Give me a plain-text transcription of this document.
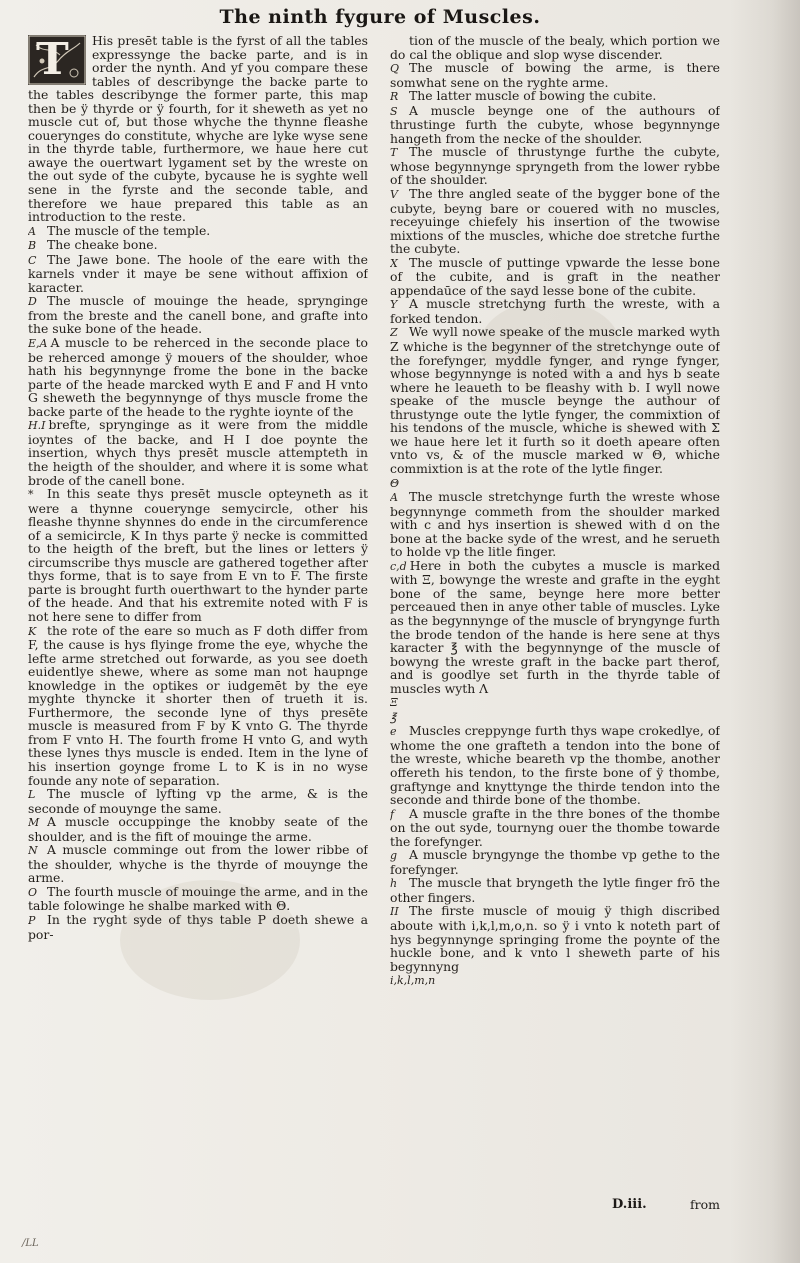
The ninth fygure of Muscles.
T	His presēt table is the fyrst of all the tables expressynge the backe parte, and is in order the nynth. And yf you compare these tables of describynge the backe parte to the tables describynge the former parte, this map then be ÿ thyrde or ÿ fourth, for it sheweth as yet no muscle cut of, but those whyche the thynne fleashe couerynges do constitute, whyche are lyke wyse sene in the thyrde table, furthermore, we haue here cut awaye the ouertwart lygament set by the wreste on the out syde of the cubyte, bycause he is syghte well sene in the fyrste and the seconde table, and therefore we haue prepared this table as an introduction to the reste.

A The muscle of the temple.

B The cheake bone.

C The Jawe bone. The hoole of the eare with the karnels vnder it maye be sene without affixion of karacter.

D The muscle of mouinge the heade, sprynginge from the breste and the canell bone, and grafte into the suke bone of the heade.

E,A A muscle to be reherced in the seconde place to be reherced amonge ÿ mouers of the shoulder, whoe hath his begynnynge frome the bone in the backe parte of the heade marcked wyth E and F and H vnto G sheweth the begynnynge of thys muscle frome the backe parte of the heade to the ryghte ioynte of the

H.I brefte, sprynginge as it were from the middle ioyntes of the backe, and H I doe poynte the insertion, whych thys presēt muscle attempteth in the heigth of the shoulder, and where it is some what brode of the canell bone.

* In this seate thys presēt muscle opteyneth as it were a thynne couerynge semycircle, other his fleashe thynne shynnes do ende in the circumference of a semicircle, K In thys parte ÿ necke is committed to the heigth of the breft, but the lines or letters ÿ circumscribe thys muscle are gathered together after thys forme, that is to saye from E vn to F. The firste parte is brought furth ouerthwart to the hynder parte of the heade. And that his extremite noted with F is not here sene to differ from

K the rote of the eare so much as F doth differ from F, the cause is hys flyinge frome the eye, whyche the lefte arme stretched out forwarde, as you see doeth euidentlye shewe, where as some man not haupnge knowledge in the optikes or iudgemēt by the eye myghte thyncke it shorter then of trueth it is. Furthermore, the seconde lyne of thys presēte muscle is measured from F by K vnto G. The thyrde from F vnto H. The fourth frome H vnto G, and wyth these lynes thys muscle is ended. Item in the lyne of his insertion goynge frome L to K is in no wyse founde any note of separation.

L The muscle of lyfting vp the arme, & is the seconde of mouynge the same.

M A muscle occuppinge the knobby seate of the shoulder, and is the fift of mouinge the arme.

N A muscle comminge out from the lower ribbe of the shoulder, whyche is the thyrde of mouynge the arme.

O The fourth muscle of mouinge the arme, and in the table folowinge he shalbe marked with Θ.

P In the ryght syde of thys table P doeth shewe a por-

tion of the muscle of the bealy, which portion we do cal the oblique and slop wyse discender.

Q The muscle of bowing the arme, is there somwhat sene on the ryghte arme.

R The latter muscle of bowing the cubite.

S A muscle beynge one of the authours of thrustinge furth the cubyte, whose begynnynge hangeth from the necke of the shoulder.

T The muscle of thrustynge furthe the cubyte, whose begynnynge spryngeth from the lower rybbe of the shoulder.

V The thre angled seate of the bygger bone of the cubyte, beyng bare or couered with no muscles, receyuinge chiefely his insertion of the twowise mixtions of the muscles, whiche doe stretche furthe the cubyte.

X The muscle of puttinge vpwarde the lesse bone of the cubite, and is graft in the neather appendaūce of the sayd lesse bone of the cubite.

Y A muscle stretchyng furth the wreste, with a forked tendon.

Z We wyll nowe speake of the muscle marked wyth Z whiche is the begynner of the stretchynge oute of the forefynger, myddle fynger, and rynge fynger, whose begynnynge is noted with a and hys b seate where he leaueth to be fleashy with b. I wyll nowe speake of the muscle beynge the authour of thrustynge oute the lytle fynger, the commixtion of his tendons of the muscle, whiche is shewed with Σ we haue here let it furth so it doeth apeare often vnto vs, & of the muscle marked w Θ, whiche commixtion is at the rote of the lytle finger.

Θ

A The muscle stretchynge furth the wreste whose begynnynge commeth from the shoulder marked with c and hys insertion is shewed with d on the bone at the backe syde of the wrest, and he serueth to holde vp the litle finger.

c,d Here in both the cubytes a muscle is marked with Ξ, bowynge the wreste and grafte in the eyght bone of the same, beynge here more better perceaued then in anye other table of muscles. Lyke as the begynnynge of the muscle of bryngynge furth the brode tendon of the hande is here sene at thys karacter ℥ with the begynnynge of the muscle of bowyng the wreste graft in the backe part therof, and is goodlye set furth in the thyrde table of muscles wyth Λ

Ξ

℥

e Muscles creppynge furth thys wape crokedlye, of whome the one grafteth a tendon into the bone of the wreste, whiche beareth vp the thombe, another offereth his tendon, to the firste bone of ÿ thombe, graftynge and knyttynge the thirde tendon into the seconde and thirde bone of the thombe.

f A muscle grafte in the thre bones of the thombe on the out syde, tournyng ouer the thombe towarde the forefynger.

g A muscle bryngynge the thombe vp gethe to the forefynger.

h The muscle that bryngeth the lytle finger frō the other fingers.

II The firste muscle of mouig ÿ thigh discribed aboute with i,k,l,m,o,n. so ÿ i vnto k noteth part of hys begynnynge springing frome the poynte of the huckle bone, and k vnto l sheweth parte of his begynnyng

i,k,l,m,n

D.iii.	from
/LL
